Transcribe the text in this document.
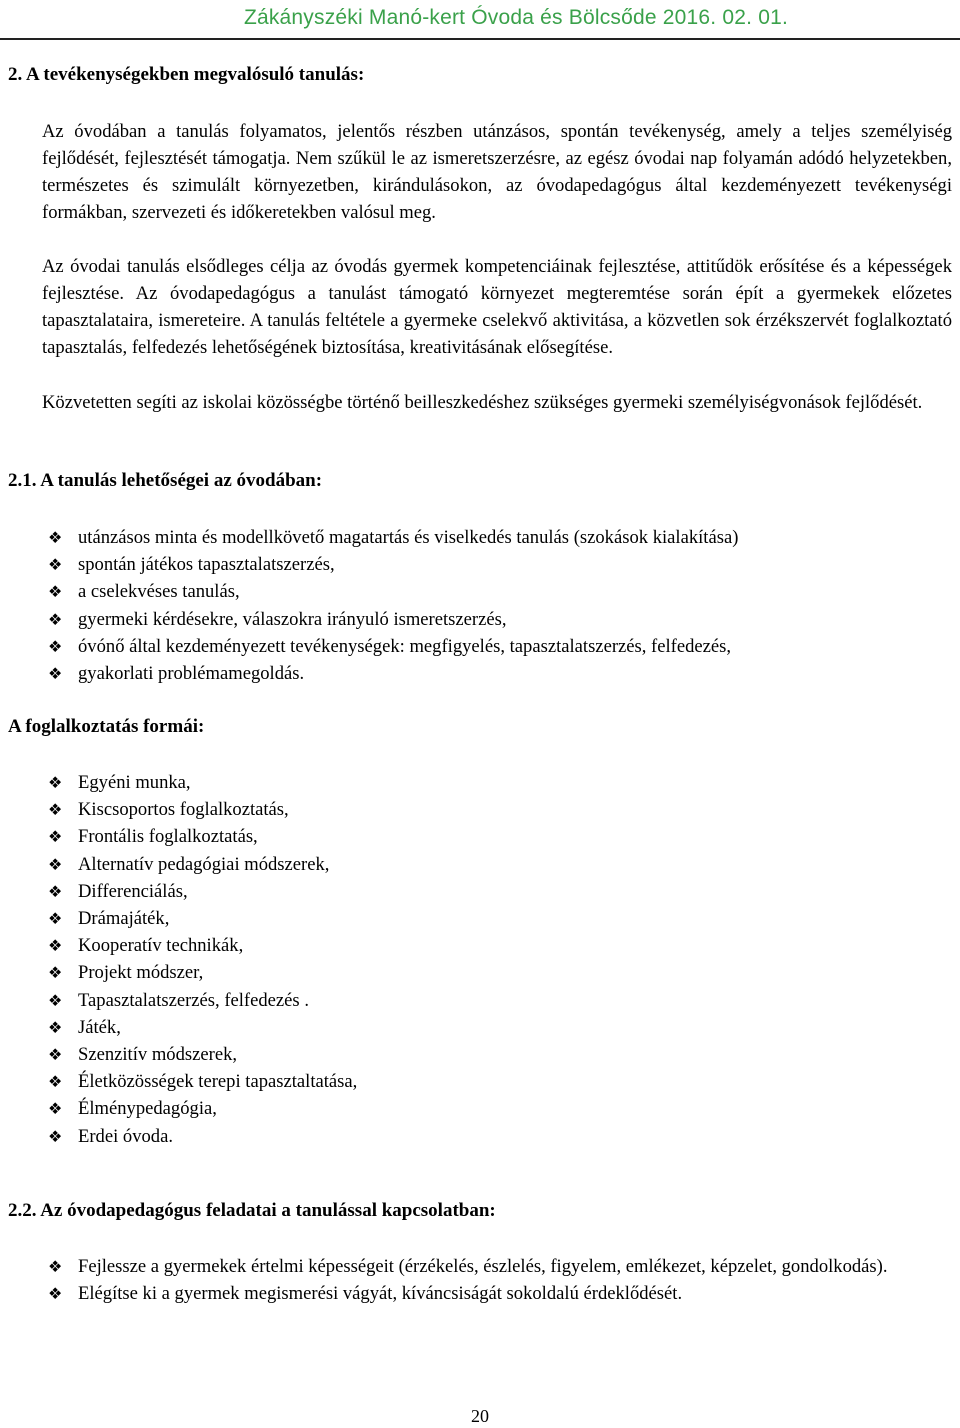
Zákányszéki Manó-kert Óvoda és Bölcsőde 2016. 02. 01.
2. A tevékenységekben megvalósuló tanulás:
Az óvodában a tanulás folyamatos, jelentős részben utánzásos, spontán tevékenység, amely a teljes személyiség fejlődését, fejlesztését támogatja. Nem szűkül le az ismeretszerzésre, az egész óvodai nap folyamán adódó helyzetekben, természetes és szimulált környezetben, kirándulásokon, az óvodapedagógus által kezdeményezett tevékenységi formákban, szervezeti és időkeretekben valósul meg.
Az óvodai tanulás elsődleges célja az óvodás gyermek kompetenciáinak fejlesztése, attitűdök erősítése és a képességek fejlesztése. Az óvodapedagógus a tanulást támogató környezet megteremtése során épít a gyermekek előzetes tapasztalataira, ismereteire. A tanulás feltétele a gyermeke cselekvő aktivitása, a közvetlen sok érzékszervét foglalkoztató tapasztalás, felfedezés lehetőségének biztosítása, kreativitásának elősegítése.
Közvetetten segíti az iskolai közösségbe történő beilleszkedéshez szükséges gyermeki személyiségvonások fejlődését.
2.1. A tanulás lehetőségei az óvodában:
❖ utánzásos minta és modellkövető magatartás és viselkedés tanulás (szokások kialakítása)
❖ spontán játékos tapasztalatszerzés,
❖ a cselekvéses tanulás,
❖ gyermeki kérdésekre, válaszokra irányuló ismeretszerzés,
❖ óvónő által kezdeményezett tevékenységek: megfigyelés, tapasztalatszerzés, felfedezés,
❖ gyakorlati problémamegoldás.
A foglalkoztatás formái:
❖ Egyéni munka,
❖ Kiscsoportos foglalkoztatás,
❖ Frontális foglalkoztatás,
❖ Alternatív pedagógiai módszerek,
❖ Differenciálás,
❖ Drámajáték,
❖ Kooperatív technikák,
❖ Projekt módszer,
❖ Tapasztalatszerzés, felfedezés .
❖ Játék,
❖ Szenzitív módszerek,
❖ Életközösségek terepi tapasztaltatása,
❖ Élménypedagógia,
❖ Erdei óvoda.
2.2. Az óvodapedagógus feladatai a tanulással kapcsolatban:
❖ Fejlessze a gyermekek értelmi képességeit (érzékelés, észlelés, figyelem, emlékezet, képzelet, gondolkodás).
❖ Elégítse ki a gyermek megismerési vágyát, kíváncsiságát sokoldalú érdeklődését.
20
